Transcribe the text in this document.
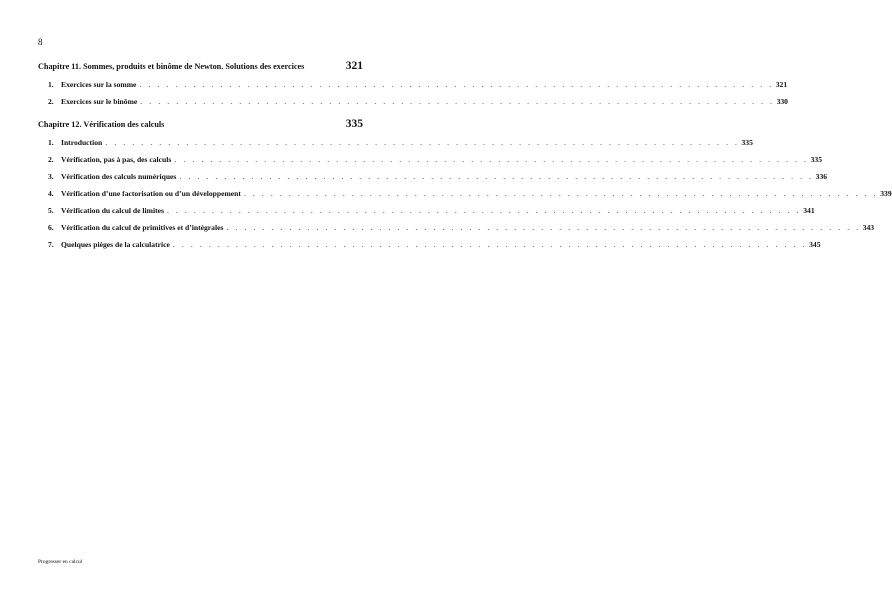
8
Chapitre 11. Sommes, produits et binôme de Newton. Solutions des exercices	321
1. Exercices sur la somme . . . . . . . . . . . . . . . . . . . . . . . . . . . . . . . . . . . . . . . . . . . . . . . . . . . . . . . . . . . . . . . . . . . . . . . 321
2. Exercices sur le binôme . . . . . . . . . . . . . . . . . . . . . . . . . . . . . . . . . . . . . . . . . . . . . . . . . . . . . . . . . . . . . . . . . . . . . . . 330
Chapitre 12. Vérification des calculs	335
1. Introduction . . . . . . . . . . . . . . . . . . . . . . . . . . . . . . . . . . . . . . . . . . . . . . . . . . . . . . . . . . . . . . . . . . . . . . . 335
2. Vérification, pas à pas, des calculs . . . . . . . . . . . . . . . . . . . . . . . . . . . . . . . . . . . . . . . . . . . . . . . . . . . . . . . . . . . . . . . . . . . . . . . 335
3. Vérification des calculs numériques . . . . . . . . . . . . . . . . . . . . . . . . . . . . . . . . . . . . . . . . . . . . . . . . . . . . . . . . . . . . . . . . . . . . . . . 336
4. Vérification d’une factorisation ou d’un développement . . . . . . . . . . . . . . . . . . . . . . . . . . . . . . . . . . . . . . . . . . . . . . . . . . . . . . . . . . . . . . . . . . . . . . . 339
5. Vérification du calcul de limites . . . . . . . . . . . . . . . . . . . . . . . . . . . . . . . . . . . . . . . . . . . . . . . . . . . . . . . . . . . . . . . . . . . . . . . 341
6. Vérification du calcul de primitives et d’intégrales . . . . . . . . . . . . . . . . . . . . . . . . . . . . . . . . . . . . . . . . . . . . . . . . . . . . . . . . . . . . . . . . . . . . . . . 343
7. Quelques pièges de la calculatrice . . . . . . . . . . . . . . . . . . . . . . . . . . . . . . . . . . . . . . . . . . . . . . . . . . . . . . . . . . . . . . . . . . . . . . . 345
Progresser en calcul
